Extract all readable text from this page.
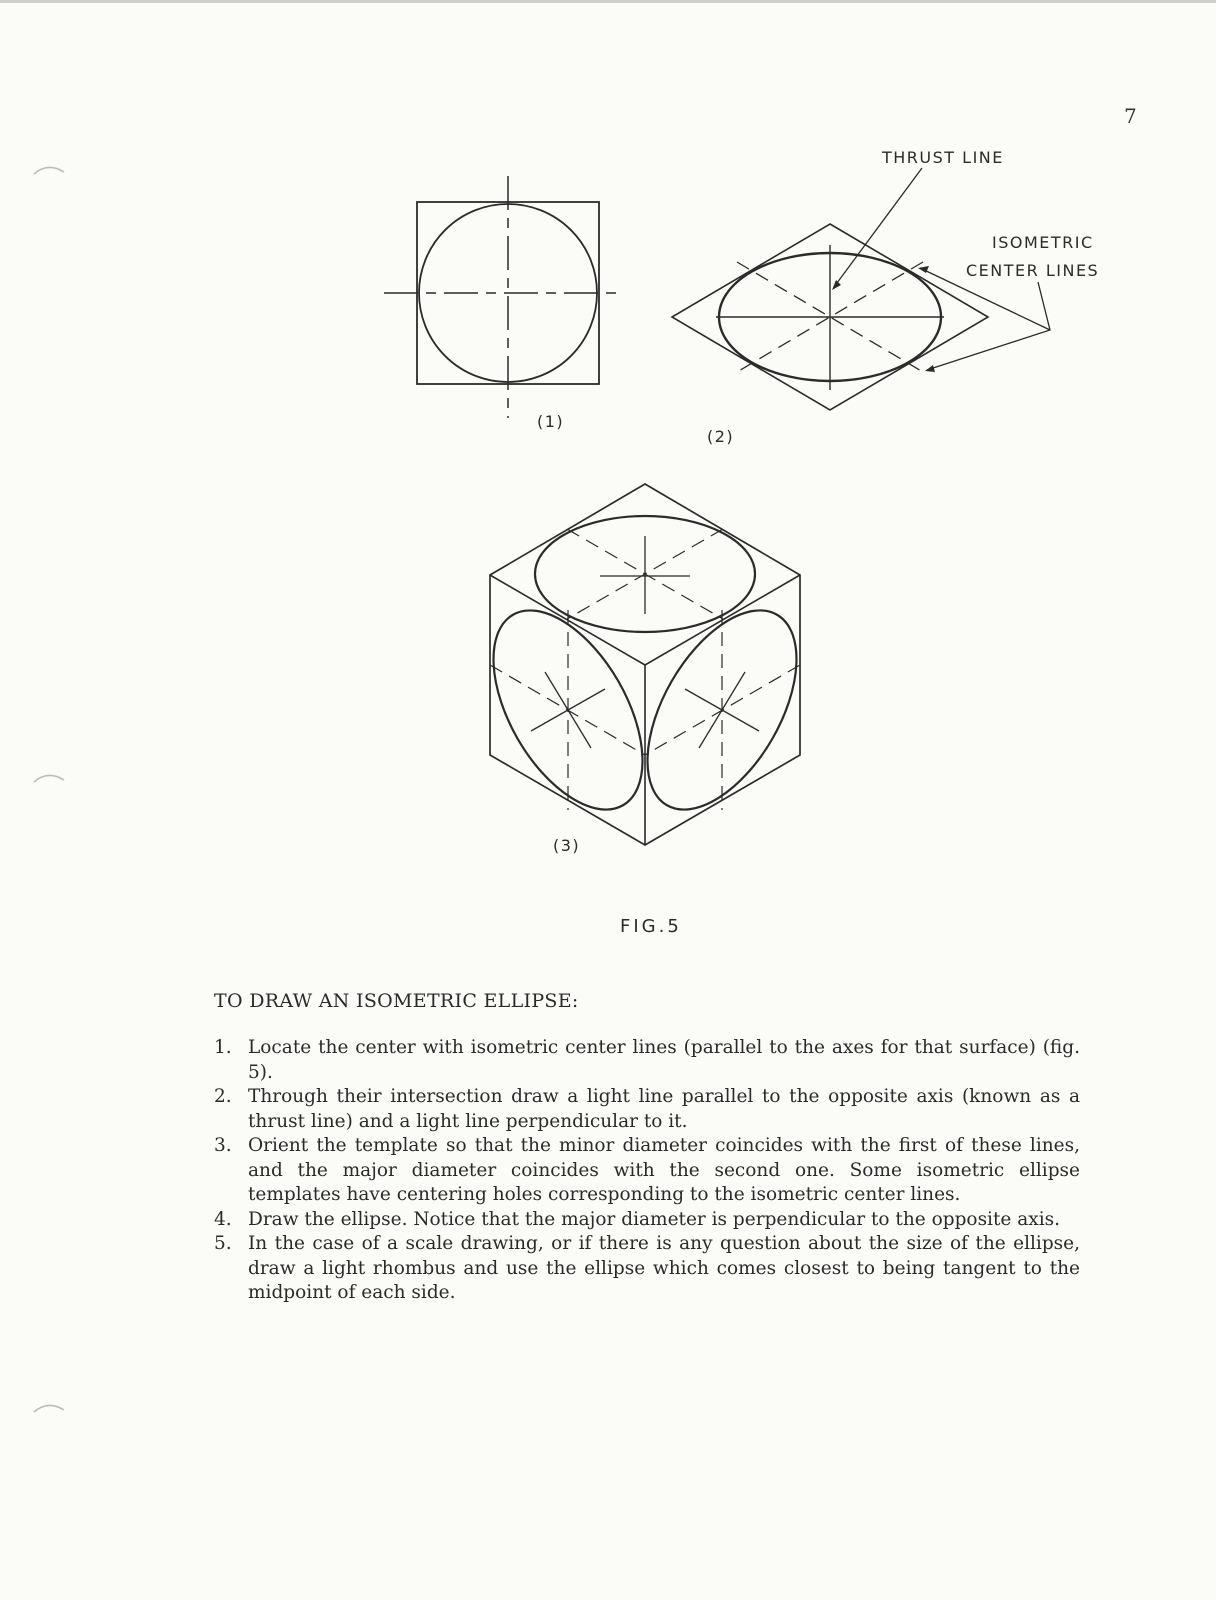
7
THRUST LINE
ISOMETRIC
CENTER LINES
(1)
(2)
(3)
FIG.5
TO DRAW AN ISOMETRIC ELLIPSE:
1. Locate the center with isometric center lines (parallel to the axes for that surface) (fig. 5).
2. Through their intersection draw a light line parallel to the opposite axis (known as a thrust line) and a light line perpendicular to it.
3. Orient the template so that the minor diameter coincides with the first of these lines, and the major diameter coincides with the second one. Some isometric ellipse templates have centering holes corresponding to the isometric center lines.
4. Draw the ellipse. Notice that the major diameter is perpendicular to the opposite axis.
5. In the case of a scale drawing, or if there is any question about the size of the ellipse, draw a light rhombus and use the ellipse which comes closest to being tangent to the midpoint of each side.
